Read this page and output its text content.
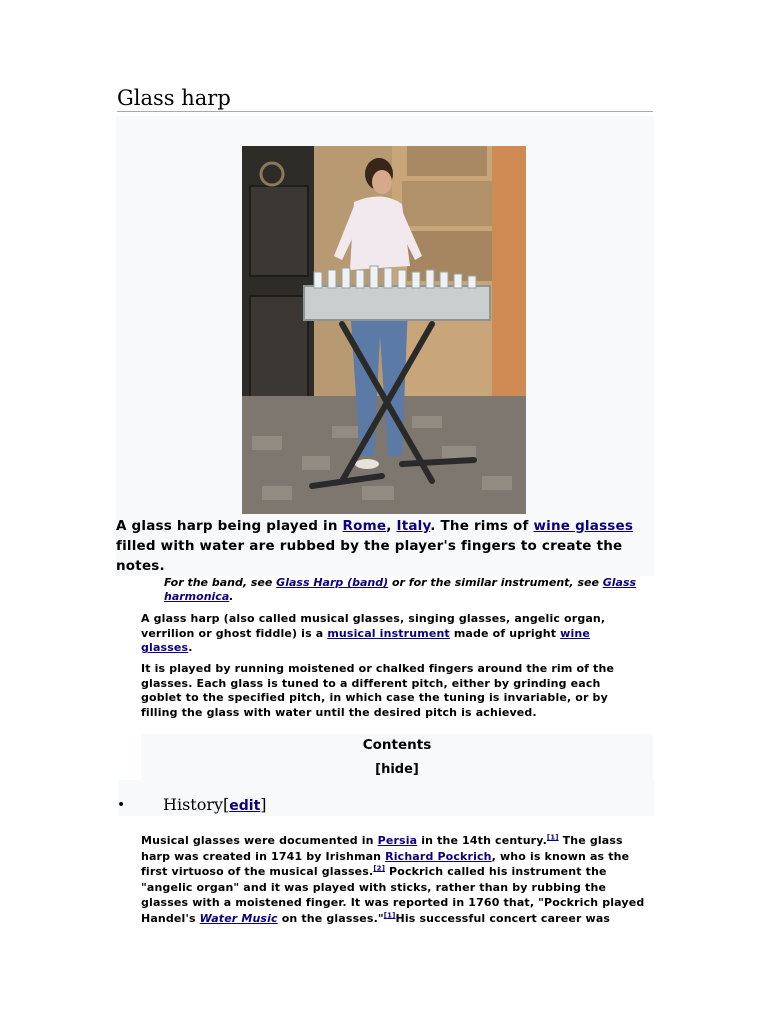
Glass harp
A glass harp being played in Rome, Italy. The rims of wine glasses filled with water are rubbed by the player's fingers to create the notes.
For the band, see Glass Harp (band) or for the similar instrument, see Glass harmonica.
A glass harp (also called musical glasses, singing glasses, angelic organ, verrilion or ghost fiddle) is a musical instrument made of upright wine glasses.
It is played by running moistened or chalked fingers around the rim of the glasses. Each glass is tuned to a different pitch, either by grinding each goblet to the specified pitch, in which case the tuning is invariable, or by filling the glass with water until the desired pitch is achieved.
Contents
[hide]
• History[edit]
Musical glasses were documented in Persia in the 14th century.[1] The glass harp was created in 1741 by Irishman Richard Pockrich, who is known as the first virtuoso of the musical glasses.[2] Pockrich called his instrument the "angelic organ" and it was played with sticks, rather than by rubbing the glasses with a moistened finger. It was reported in 1760 that, "Pockrich played Handel's Water Music on the glasses."[1]His successful concert career was
